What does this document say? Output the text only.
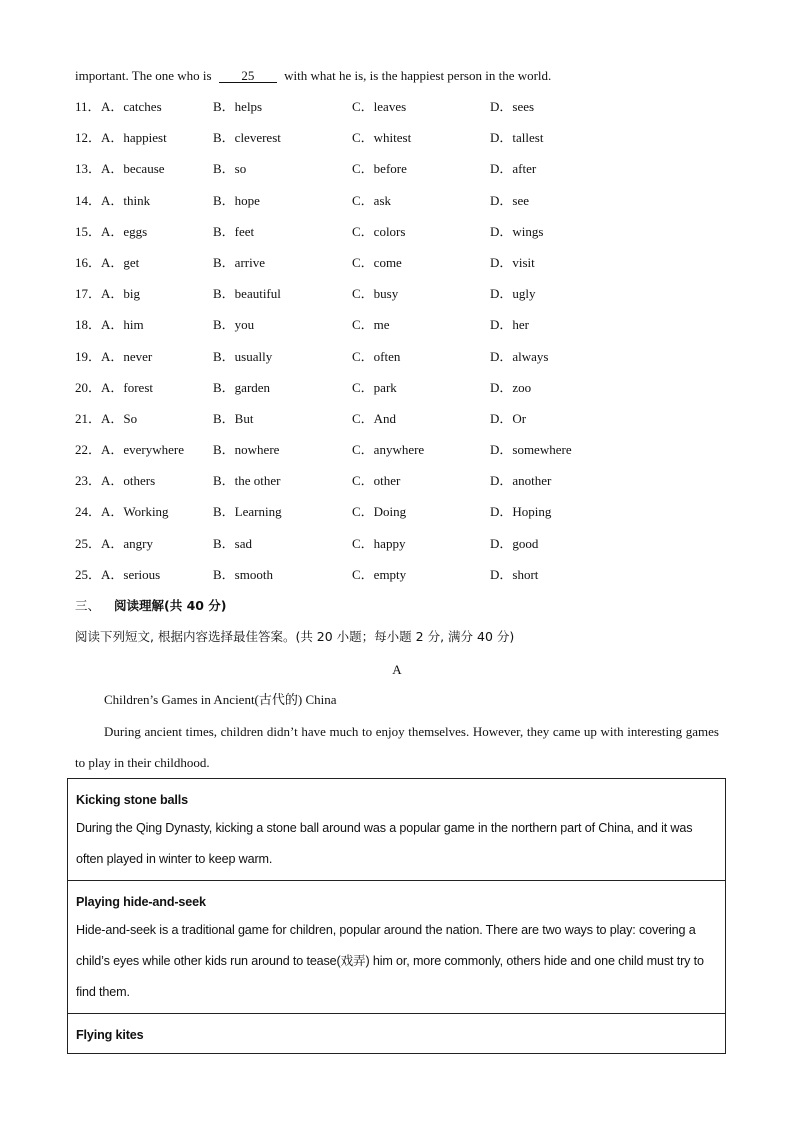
important. The one who is 25 with what he is, is the happiest person in the world.
11． A．catches	B．helps	C．leaves	D．sees
12． A．happiest	B．cleverest	C．whitest	D．tallest
13． A．because	B．so	C．before	D．after
14． A．think	B．hope	C．ask	D．see
15． A．eggs	B．feet	C．colors	D．wings
16． A．get	B．arrive	C．come	D．visit
17． A．big	B．beautiful	C．busy	D．ugly
18． A．him	B．you	C．me	D．her
19． A．never	B．usually	C．often	D．always
20． A．forest	B．garden	C．park	D．zoo
21． A．So	B．But	C．And	D．Or
22． A．everywhere B．nowhere	C．anywhere	D．somewhere
23． A．others	B．the other	C．other	D．another
24． A．Working	B．Learning	C．Doing	D．Hoping
25． A．angry	B．sad	C．happy	D．good
25． A．serious	B．smooth	C．empty	D．short
三、 阅读理解(共 40 分)
阅读下列短文, 根据内容选择最佳答案。(共 20 小题；每小题 2 分, 满分 40 分)
A
Children’s Games in Ancient(古代的) China
During ancient times, children didn’t have much to enjoy themselves. However, they came up with interesting games to play in their childhood.
Kicking stone balls
During the Qing Dynasty, kicking a stone ball around was a popular game in the northern part of China, and it was often played in winter to keep warm.
Playing hide-and-seek
Hide-and-seek is a traditional game for children, popular around the nation. There are two ways to play: covering a child’s eyes while other kids run around to tease(戏弄) him or, more commonly, others hide and one child must try to find them.
Flying kites
